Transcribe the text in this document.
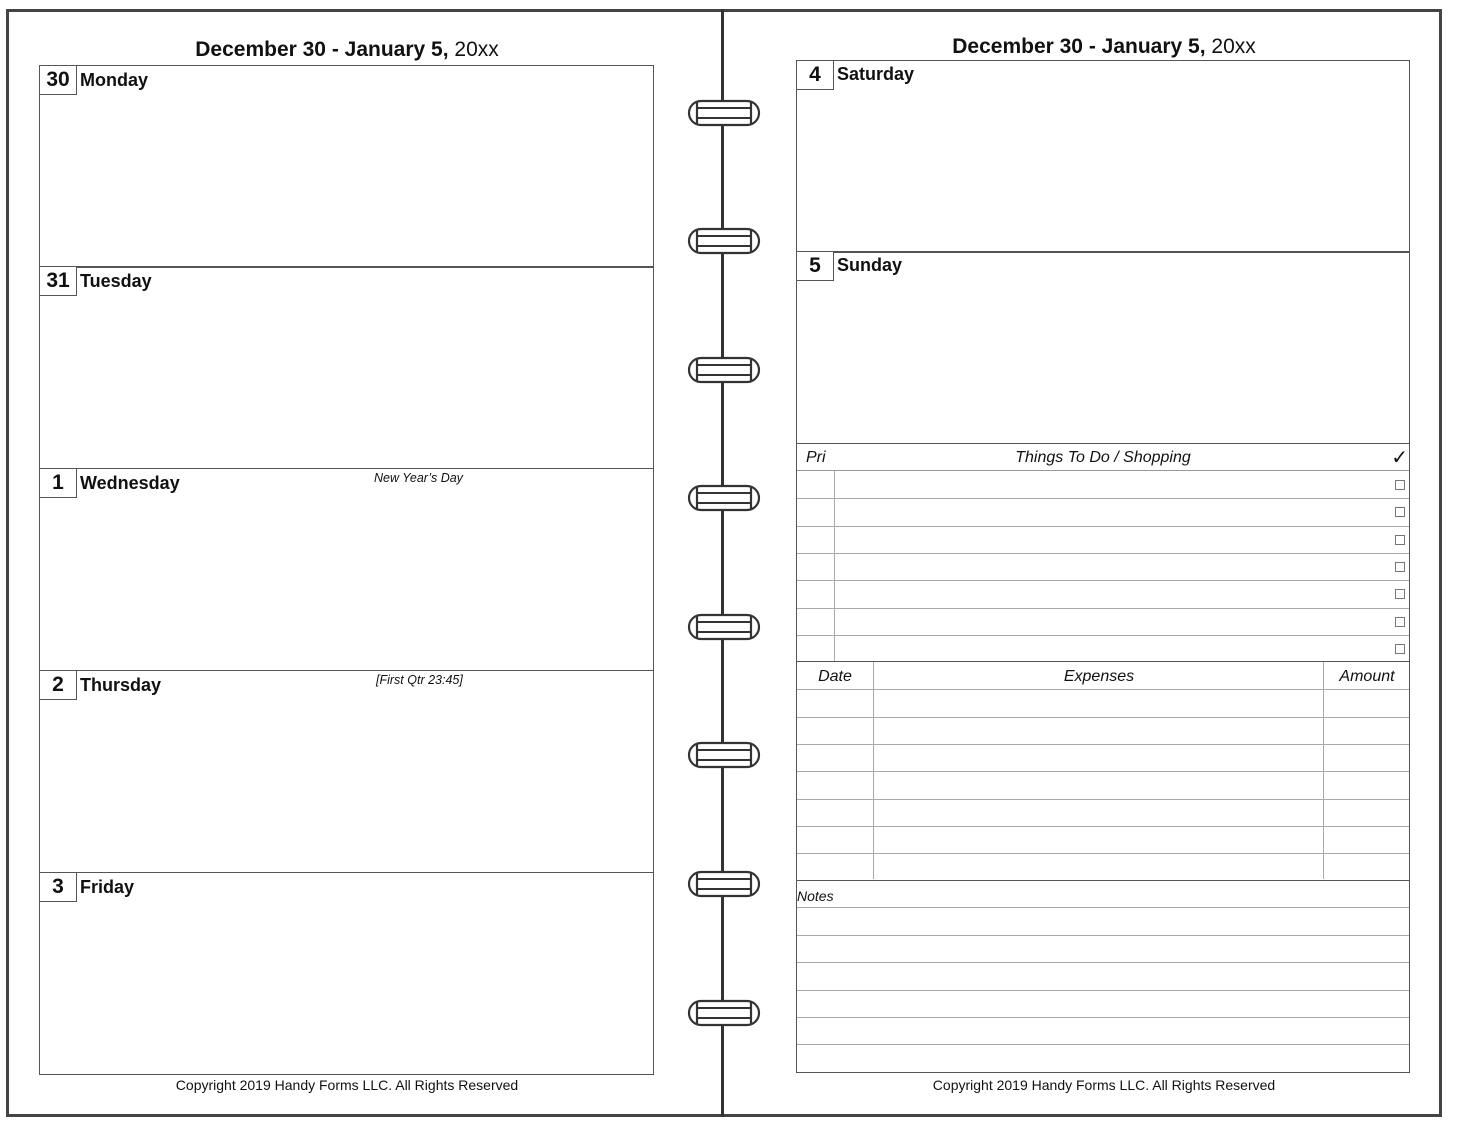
December 30 - January 5, 20xx
30 Monday
31 Tuesday
1 Wednesday	New Year’s Day
2 Thursday	[First Qtr 23:45]
3 Friday
Copyright 2019 Handy Forms LLC. All Rights Reserved
December 30 - January 5, 20xx
4 Saturday
5 Sunday
Pri	Things To Do / Shopping	✓
Date	Expenses	Amount
Notes
Copyright 2019 Handy Forms LLC. All Rights Reserved
